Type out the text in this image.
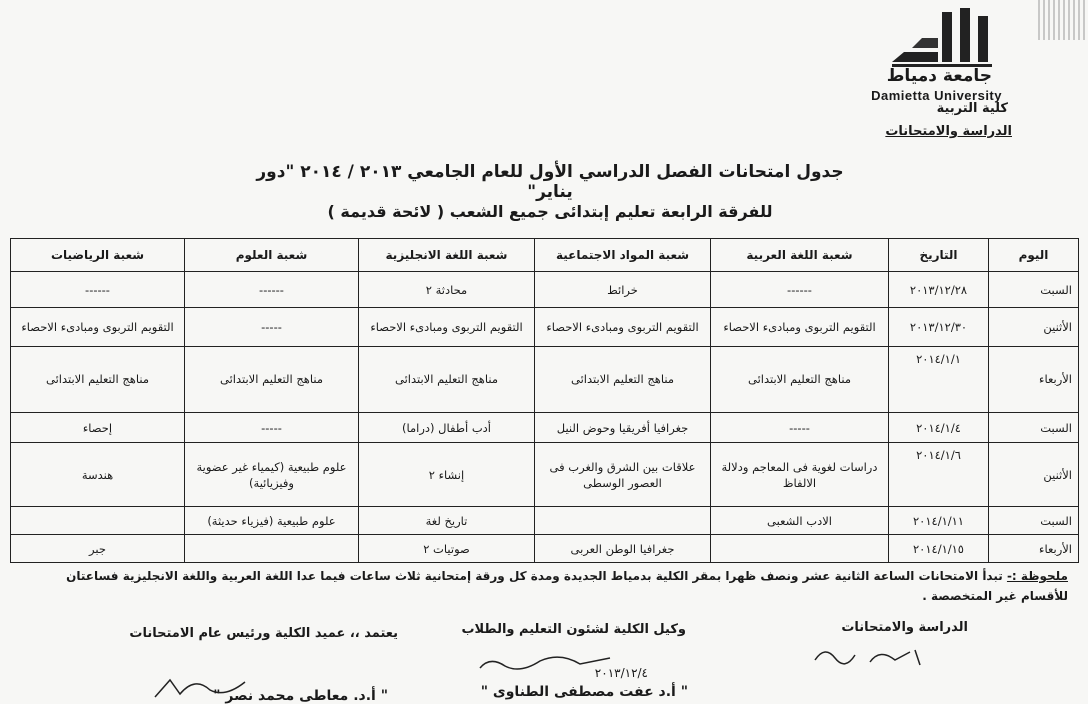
جامعة دمياط
Damietta University
كلية التربية
الدراسة والامتحانات
جدول امتحانات الفصل الدراسي الأول للعام الجامعي ٢٠١٣ / ٢٠١٤ "دور يناير"
للفرقة الرابعة تعليم إبتدائى جميع الشعب ( لائحة قديمة )
اليوم	التاريخ	شعبة اللغة العربية	شعبة المواد الاجتماعية	شعبة اللغة الانجليزية	شعبة العلوم	شعبة الرياضيات
السبت	٢٠١٣/١٢/٢٨	------	خرائط	محادثة ٢	------	------
الأثنين	٢٠١٣/١٢/٣٠	التقويم التربوى ومبادىء الاحصاء	التقويم التربوى ومبادىء الاحصاء	التقويم التربوى ومبادىء الاحصاء	-----	التقويم التربوى ومبادىء الاحصاء
الأربعاء	٢٠١٤/١/١	مناهج التعليم الابتدائى	مناهج التعليم الابتدائى	مناهج التعليم الابتدائى	مناهج التعليم الابتدائى	مناهج التعليم الابتدائى
السبت	٢٠١٤/١/٤	-----	جغرافيا أفريقيا وحوض النيل	أدب أطفال (دراما)	-----	إحصاء
الأثنين	٢٠١٤/١/٦	دراسات لغوية فى المعاجم ودلالة الالفاظ	علاقات بين الشرق والغرب فى العصور الوسطى	إنشاء ٢	علوم طبيعية (كيمياء غير عضوية وفيزيائية)	هندسة
السبت	٢٠١٤/١/١١	الادب الشعبى		تاريخ لغة	علوم طبيعية (فيزياء حديثة)	
الأربعاء	٢٠١٤/١/١٥		جغرافيا الوطن العربى	صوتيات ٢		جبر
ملحوظة :- تبدأ الامتحانات الساعة الثانية عشر ونصف ظهرا بمقر الكلية بدمياط الجديدة ومدة كل ورقة إمتحانية ثلاث ساعات فيما عدا اللغة العربية واللغة الانجليزية فساعتان للأقسام غير المتخصصة .
الدراسة والامتحانات
وكيل الكلية لشئون التعليم والطلاب
يعتمد ،، عميد الكلية ورئيس عام الامتحانات
٢٠١٣/١٢/٤
" أ.د عفت مصطفى الطناوى "
" أ.د. معاطى محمد نصر "
